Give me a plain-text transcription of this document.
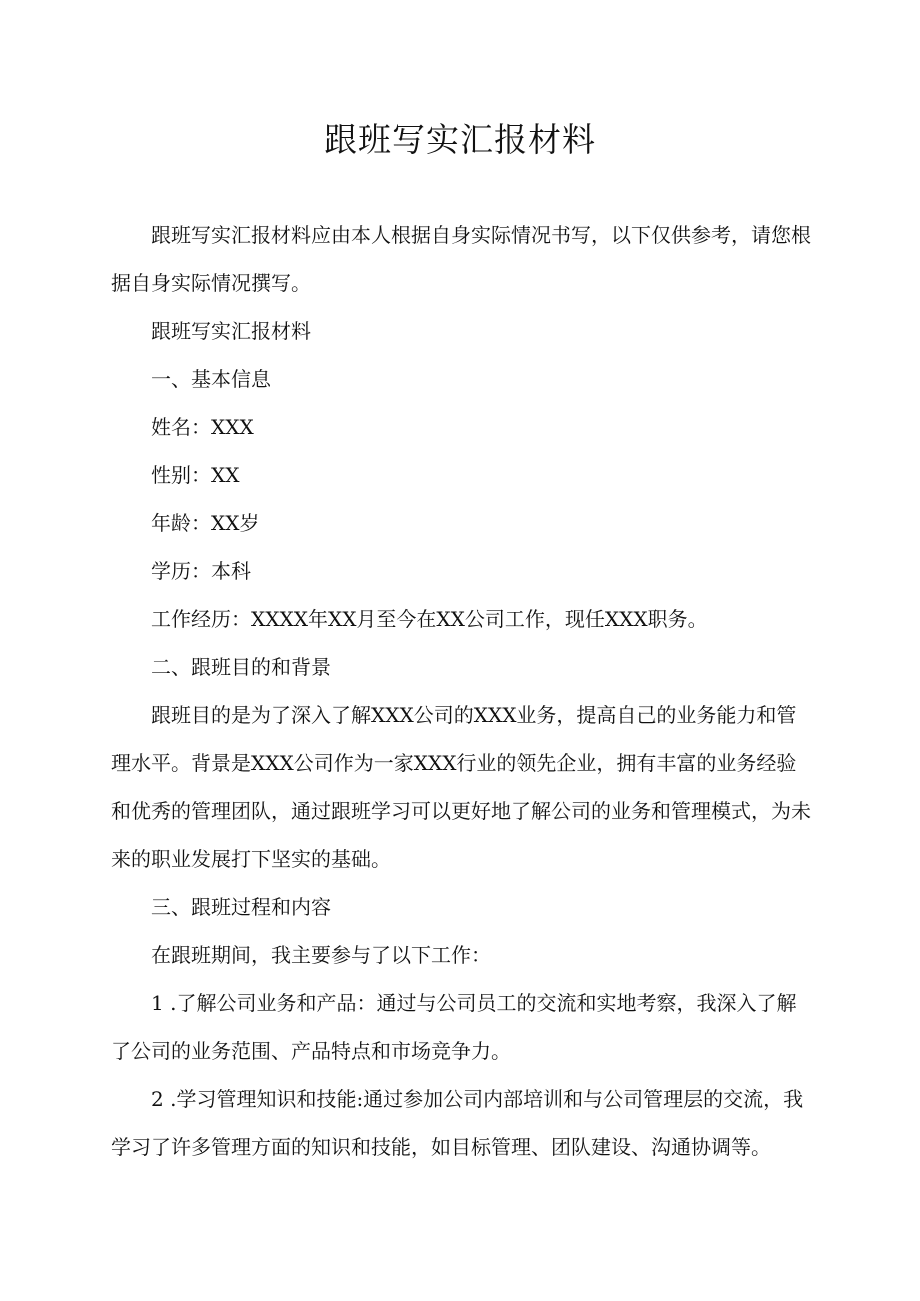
跟班写实汇报材料

跟班写实汇报材料应由本人根据自身实际情况书写，以下仅供参考，请您根据自身实际情况撰写。

跟班写实汇报材料

一、基本信息

姓名：XXX

性别：XX

年龄：XX岁

学历：本科

工作经历：XXXX年XX月至今在XX公司工作，现任XXX职务。

二、跟班目的和背景

跟班目的是为了深入了解XXX公司的XXX业务，提高自己的业务能力和管理水平。背景是XXX公司作为一家XXX行业的领先企业，拥有丰富的业务经验和优秀的管理团队，通过跟班学习可以更好地了解公司的业务和管理模式，为未来的职业发展打下坚实的基础。

三、跟班过程和内容

在跟班期间，我主要参与了以下工作：

1 .了解公司业务和产品：通过与公司员工的交流和实地考察，我深入了解了公司的业务范围、产品特点和市场竞争力。

2 .学习管理知识和技能:通过参加公司内部培训和与公司管理层的交流，我学习了许多管理方面的知识和技能，如目标管理、团队建设、沟通协调等。
